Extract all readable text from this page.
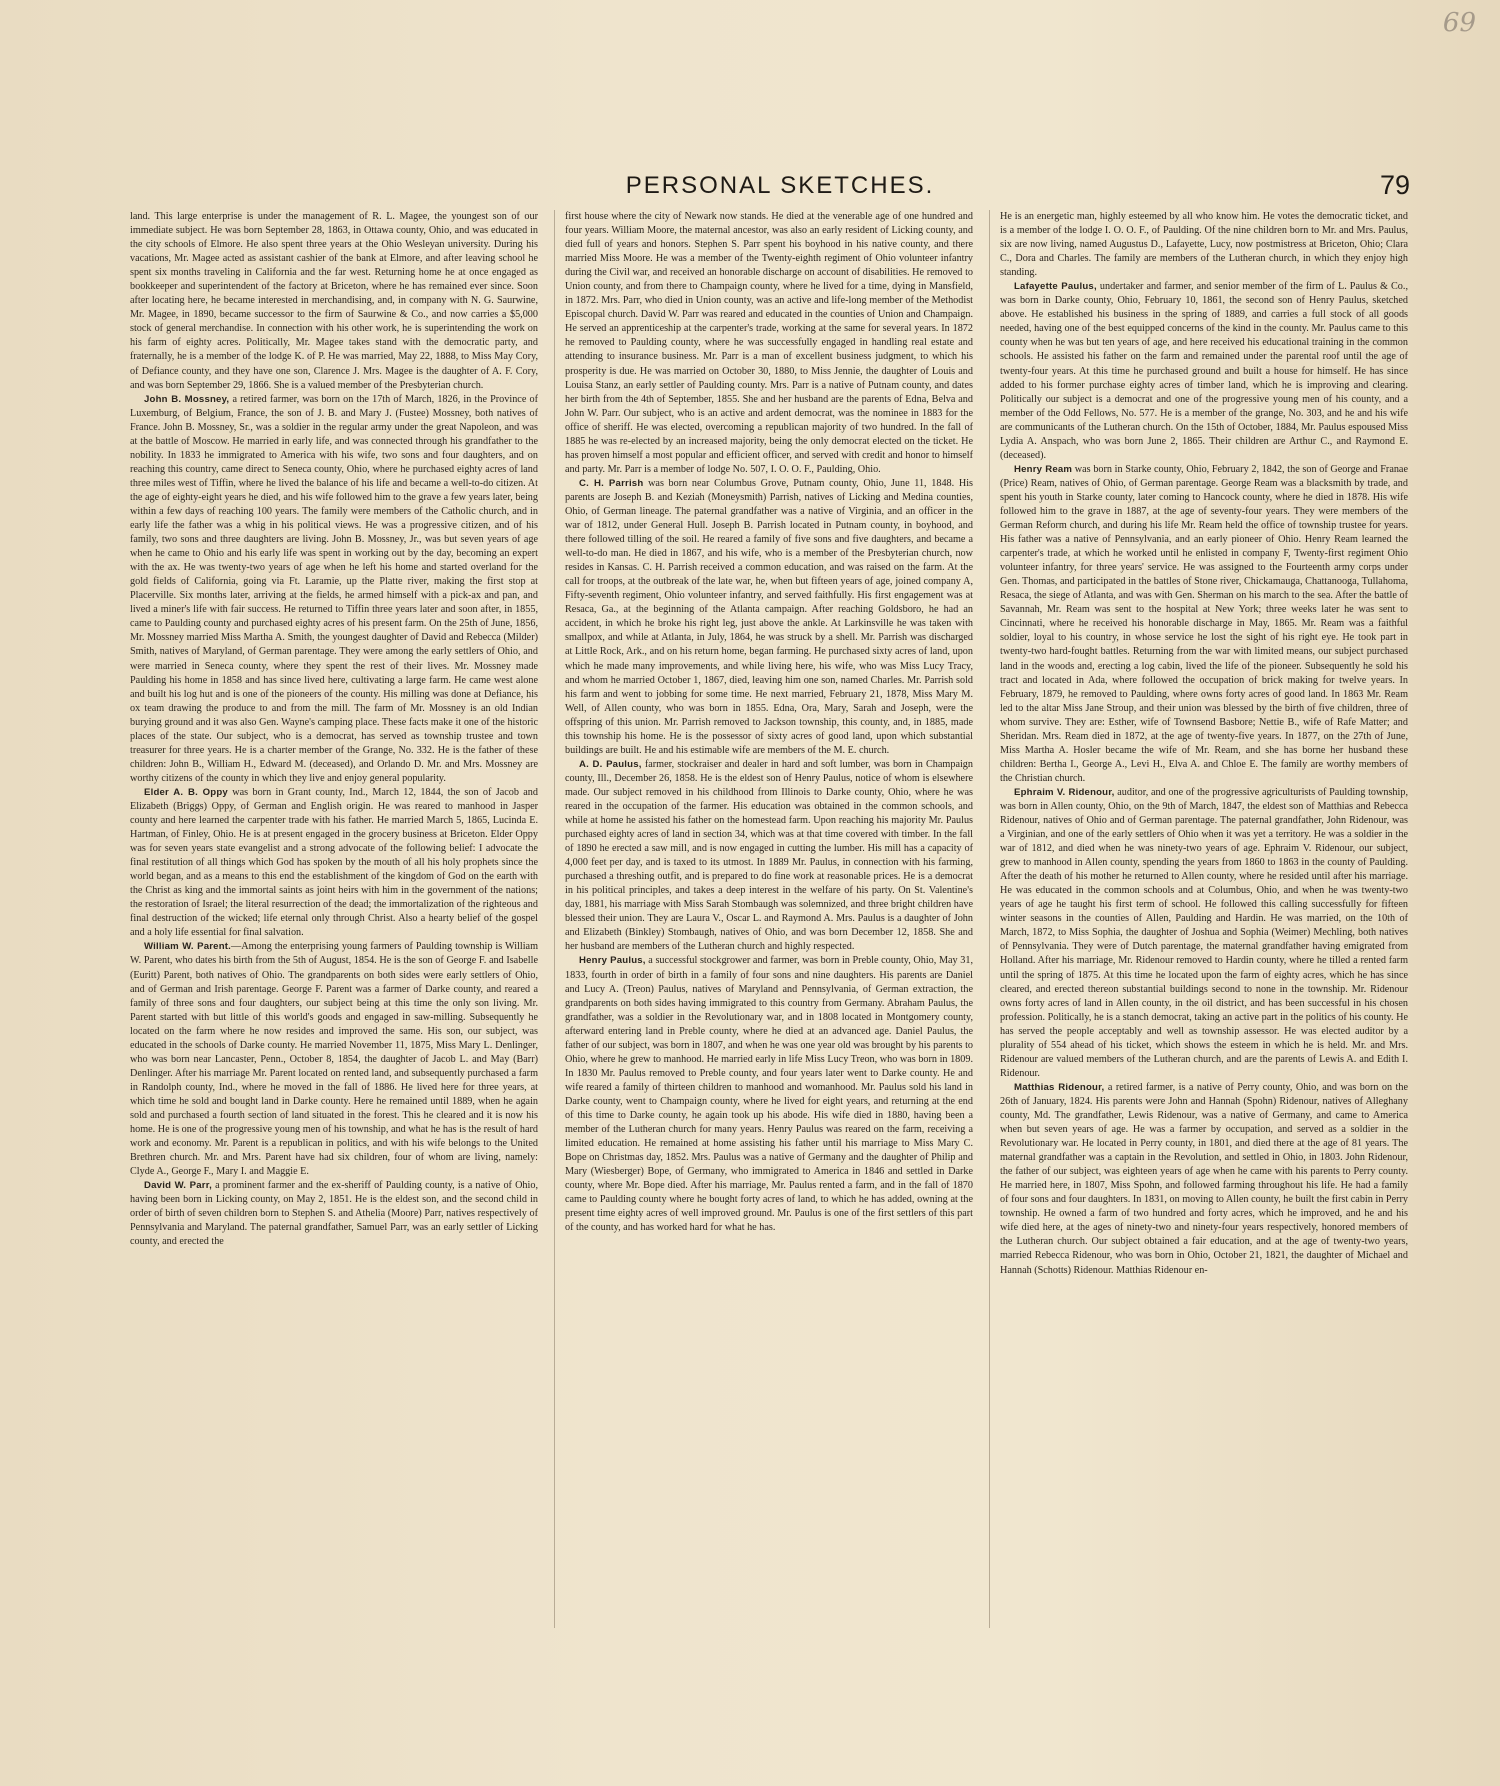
69
PERSONAL SKETCHES.	79

land. This large enterprise is under the management of R. L. Magee, the youngest son of our immediate subject. He was born September 28, 1863, in Ottawa county, Ohio, and was educated in the city schools of Elmore. He also spent three years at the Ohio Wesleyan university. During his vacations, Mr. Magee acted as assistant cashier of the bank at Elmore, and after leaving school he spent six months traveling in California and the far west. Returning home he at once engaged as bookkeeper and superintendent of the factory at Briceton, where he has remained ever since. Soon after locating here, he became interested in merchandising, and, in company with N. G. Saurwine, Mr. Magee, in 1890, became successor to the firm of Saurwine & Co., and now carries a $5,000 stock of general merchandise. In connection with his other work, he is superintending the work on his farm of eighty acres. Politically, Mr. Magee takes stand with the democratic party, and fraternally, he is a member of the lodge K. of P. He was married, May 22, 1888, to Miss May Cory, of Defiance county, and they have one son, Clarence J. Mrs. Magee is the daughter of A. F. Cory, and was born September 29, 1866. She is a valued member of the Presbyterian church.

John B. Mossney, a retired farmer, was born on the 17th of March, 1826, in the Province of Luxemburg, of Belgium, France, the son of J. B. and Mary J. (Fustee) Mossney, both natives of France. John B. Mossney, Sr., was a soldier in the regular army under the great Napoleon, and was at the battle of Moscow. He married in early life, and was connected through his grandfather to the nobility. In 1833 he immigrated to America with his wife, two sons and four daughters, and on reaching this country, came direct to Seneca county, Ohio, where he purchased eighty acres of land three miles west of Tiffin, where he lived the balance of his life and became a well-to-do citizen. At the age of eighty-eight years he died, and his wife followed him to the grave a few years later, being within a few days of reaching 100 years. The family were members of the Catholic church, and in early life the father was a whig in his political views. He was a progressive citizen, and of his family, two sons and three daughters are living. John B. Mossney, Jr., was but seven years of age when he came to Ohio and his early life was spent in working out by the day, becoming an expert with the ax. He was twenty-two years of age when he left his home and started overland for the gold fields of California, going via Ft. Laramie, up the Platte river, making the first stop at Placerville. Six months later, arriving at the fields, he armed himself with a pick-ax and pan, and lived a miner's life with fair success. He returned to Tiffin three years later and soon after, in 1855, came to Paulding county and purchased eighty acres of his present farm. On the 25th of June, 1856, Mr. Mossney married Miss Martha A. Smith, the youngest daughter of David and Rebecca (Milder) Smith, natives of Maryland, of German parentage. They were among the early settlers of Ohio, and were married in Seneca county, where they spent the rest of their lives. Mr. Mossney made Paulding his home in 1858 and has since lived here, cultivating a large farm. He came west alone and built his log hut and is one of the pioneers of the county. His milling was done at Defiance, his ox team drawing the produce to and from the mill. The farm of Mr. Mossney is an old Indian burying ground and it was also Gen. Wayne's camping place. These facts make it one of the historic places of the state. Our subject, who is a democrat, has served as township trustee and town treasurer for three years. He is a charter member of the Grange, No. 332. He is the father of these children: John B., William H., Edward M. (deceased), and Orlando D. Mr. and Mrs. Mossney are worthy citizens of the county in which they live and enjoy general popularity.

Elder A. B. Oppy was born in Grant county, Ind., March 12, 1844, the son of Jacob and Elizabeth (Briggs) Oppy, of German and English origin. He was reared to manhood in Jasper county and here learned the carpenter trade with his father. He married March 5, 1865, Lucinda E. Hartman, of Finley, Ohio. He is at present engaged in the grocery business at Briceton. Elder Oppy was for seven years state evangelist and a strong advocate of the following belief: I advocate the final restitution of all things which God has spoken by the mouth of all his holy prophets since the world began, and as a means to this end the establishment of the kingdom of God on the earth with the Christ as king and the immortal saints as joint heirs with him in the government of the nations; the restoration of Israel; the literal resurrection of the dead; the immortalization of the righteous and final destruction of the wicked; life eternal only through Christ. Also a hearty belief of the gospel and a holy life essential for final salvation.

William W. Parent.—Among the enterprising young farmers of Paulding township is William W. Parent, who dates his birth from the 5th of August, 1854. He is the son of George F. and Isabelle (Euritt) Parent, both natives of Ohio. The grandparents on both sides were early settlers of Ohio, and of German and Irish parentage. George F. Parent was a farmer of Darke county, and reared a family of three sons and four daughters, our subject being at this time the only son living. Mr. Parent started with but little of this world's goods and engaged in saw-milling. Subsequently he located on the farm where he now resides and improved the same. His son, our subject, was educated in the schools of Darke county. He married November 11, 1875, Miss Mary L. Denlinger, who was born near Lancaster, Penn., October 8, 1854, the daughter of Jacob L. and May (Barr) Denlinger. After his marriage Mr. Parent located on rented land, and subsequently purchased a farm in Randolph county, Ind., where he moved in the fall of 1886. He lived here for three years, at which time he sold and bought land in Darke county. Here he remained until 1889, when he again sold and purchased a fourth section of land situated in the forest. This he cleared and it is now his home. He is one of the progressive young men of his township, and what he has is the result of hard work and economy. Mr. Parent is a republican in politics, and with his wife belongs to the United Brethren church. Mr. and Mrs. Parent have had six children, four of whom are living, namely: Clyde A., George F., Mary I. and Maggie E.

David W. Parr, a prominent farmer and the ex-sheriff of Paulding county, is a native of Ohio, having been born in Licking county, on May 2, 1851. He is the eldest son, and the second child in order of birth of seven children born to Stephen S. and Athelia (Moore) Parr, natives respectively of Pennsylvania and Maryland. The paternal grandfather, Samuel Parr, was an early settler of Licking county, and erected the

first house where the city of Newark now stands. He died at the venerable age of one hundred and four years. William Moore, the maternal ancestor, was also an early resident of Licking county, and died full of years and honors. Stephen S. Parr spent his boyhood in his native county, and there married Miss Moore. He was a member of the Twenty-eighth regiment of Ohio volunteer infantry during the Civil war, and received an honorable discharge on account of disabilities. He removed to Union county, and from there to Champaign county, where he lived for a time, dying in Mansfield, in 1872. Mrs. Parr, who died in Union county, was an active and life-long member of the Methodist Episcopal church. David W. Parr was reared and educated in the counties of Union and Champaign. He served an apprenticeship at the carpenter's trade, working at the same for several years. In 1872 he removed to Paulding county, where he was successfully engaged in handling real estate and attending to insurance business. Mr. Parr is a man of excellent business judgment, to which his prosperity is due. He was married on October 30, 1880, to Miss Jennie, the daughter of Louis and Louisa Stanz, an early settler of Paulding county. Mrs. Parr is a native of Putnam county, and dates her birth from the 4th of September, 1855. She and her husband are the parents of Edna, Belva and John W. Parr. Our subject, who is an active and ardent democrat, was the nominee in 1883 for the office of sheriff. He was elected, overcoming a republican majority of two hundred. In the fall of 1885 he was re-elected by an increased majority, being the only democrat elected on the ticket. He has proven himself a most popular and efficient officer, and served with credit and honor to himself and party. Mr. Parr is a member of lodge No. 507, I. O. O. F., Paulding, Ohio.

C. H. Parrish was born near Columbus Grove, Putnam county, Ohio, June 11, 1848. His parents are Joseph B. and Keziah (Moneysmith) Parrish, natives of Licking and Medina counties, Ohio, of German lineage. The paternal grandfather was a native of Virginia, and an officer in the war of 1812, under General Hull. Joseph B. Parrish located in Putnam county, in boyhood, and there followed tilling of the soil. He reared a family of five sons and five daughters, and became a well-to-do man. He died in 1867, and his wife, who is a member of the Presbyterian church, now resides in Kansas. C. H. Parrish received a common education, and was raised on the farm. At the call for troops, at the outbreak of the late war, he, when but fifteen years of age, joined company A, Fifty-seventh regiment, Ohio volunteer infantry, and served faithfully. His first engagement was at Resaca, Ga., at the beginning of the Atlanta campaign. After reaching Goldsboro, he had an accident, in which he broke his right leg, just above the ankle. At Larkinsville he was taken with smallpox, and while at Atlanta, in July, 1864, he was struck by a shell. Mr. Parrish was discharged at Little Rock, Ark., and on his return home, began farming. He purchased sixty acres of land, upon which he made many improvements, and while living here, his wife, who was Miss Lucy Tracy, and whom he married October 1, 1867, died, leaving him one son, named Charles. Mr. Parrish sold his farm and went to jobbing for some time. He next married, February 21, 1878, Miss Mary M. Well, of Allen county, who was born in 1855. Edna, Ora, Mary, Sarah and Joseph, were the offspring of this union. Mr. Parrish removed to Jackson township, this county, and, in 1885, made this township his home. He is the possessor of sixty acres of good land, upon which substantial buildings are built. He and his estimable wife are members of the M. E. church.

A. D. Paulus, farmer, stockraiser and dealer in hard and soft lumber, was born in Champaign county, Ill., December 26, 1858. He is the eldest son of Henry Paulus, notice of whom is elsewhere made. Our subject removed in his childhood from Illinois to Darke county, Ohio, where he was reared in the occupation of the farmer. His education was obtained in the common schools, and while at home he assisted his father on the homestead farm. Upon reaching his majority Mr. Paulus purchased eighty acres of land in section 34, which was at that time covered with timber. In the fall of 1890 he erected a saw mill, and is now engaged in cutting the lumber. His mill has a capacity of 4,000 feet per day, and is taxed to its utmost. In 1889 Mr. Paulus, in connection with his farming, purchased a threshing outfit, and is prepared to do fine work at reasonable prices. He is a democrat in his political principles, and takes a deep interest in the welfare of his party. On St. Valentine's day, 1881, his marriage with Miss Sarah Stombaugh was solemnized, and three bright children have blessed their union. They are Laura V., Oscar L. and Raymond A. Mrs. Paulus is a daughter of John and Elizabeth (Binkley) Stombaugh, natives of Ohio, and was born December 12, 1858. She and her husband are members of the Lutheran church and highly respected.

Henry Paulus, a successful stockgrower and farmer, was born in Preble county, Ohio, May 31, 1833, fourth in order of birth in a family of four sons and nine daughters. His parents are Daniel and Lucy A. (Treon) Paulus, natives of Maryland and Pennsylvania, of German extraction, the grandparents on both sides having immigrated to this country from Germany. Abraham Paulus, the grandfather, was a soldier in the Revolutionary war, and in 1808 located in Montgomery county, afterward entering land in Preble county, where he died at an advanced age. Daniel Paulus, the father of our subject, was born in 1807, and when he was one year old was brought by his parents to Ohio, where he grew to manhood. He married early in life Miss Lucy Treon, who was born in 1809. In 1830 Mr. Paulus removed to Preble county, and four years later went to Darke county. He and wife reared a family of thirteen children to manhood and womanhood. Mr. Paulus sold his land in Darke county, went to Champaign county, where he lived for eight years, and returning at the end of this time to Darke county, he again took up his abode. His wife died in 1880, having been a member of the Lutheran church for many years. Henry Paulus was reared on the farm, receiving a limited education. He remained at home assisting his father until his marriage to Miss Mary C. Bope on Christmas day, 1852. Mrs. Paulus was a native of Germany and the daughter of Philip and Mary (Wiesberger) Bope, of Germany, who immigrated to America in 1846 and settled in Darke county, where Mr. Bope died. After his marriage, Mr. Paulus rented a farm, and in the fall of 1870 came to Paulding county where he bought forty acres of land, to which he has added, owning at the present time eighty acres of well improved ground. Mr. Paulus is one of the first settlers of this part of the county, and has worked hard for what he has.

He is an energetic man, highly esteemed by all who know him. He votes the democratic ticket, and is a member of the lodge I. O. O. F., of Paulding. Of the nine children born to Mr. and Mrs. Paulus, six are now living, named Augustus D., Lafayette, Lucy, now postmistress at Briceton, Ohio; Clara C., Dora and Charles. The family are members of the Lutheran church, in which they enjoy high standing.

Lafayette Paulus, undertaker and farmer, and senior member of the firm of L. Paulus & Co., was born in Darke county, Ohio, February 10, 1861, the second son of Henry Paulus, sketched above. He established his business in the spring of 1889, and carries a full stock of all goods needed, having one of the best equipped concerns of the kind in the county. Mr. Paulus came to this county when he was but ten years of age, and here received his educational training in the common schools. He assisted his father on the farm and remained under the parental roof until the age of twenty-four years. At this time he purchased ground and built a house for himself. He has since added to his former purchase eighty acres of timber land, which he is improving and clearing. Politically our subject is a democrat and one of the progressive young men of his county, and a member of the Odd Fellows, No. 577. He is a member of the grange, No. 303, and he and his wife are communicants of the Lutheran church. On the 15th of October, 1884, Mr. Paulus espoused Miss Lydia A. Anspach, who was born June 2, 1865. Their children are Arthur C., and Raymond E. (deceased).

Henry Ream was born in Starke county, Ohio, February 2, 1842, the son of George and Franae (Price) Ream, natives of Ohio, of German parentage. George Ream was a blacksmith by trade, and spent his youth in Starke county, later coming to Hancock county, where he died in 1878. His wife followed him to the grave in 1887, at the age of seventy-four years. They were members of the German Reform church, and during his life Mr. Ream held the office of township trustee for years. His father was a native of Pennsylvania, and an early pioneer of Ohio. Henry Ream learned the carpenter's trade, at which he worked until he enlisted in company F, Twenty-first regiment Ohio volunteer infantry, for three years' service. He was assigned to the Fourteenth army corps under Gen. Thomas, and participated in the battles of Stone river, Chickamauga, Chattanooga, Tullahoma, Resaca, the siege of Atlanta, and was with Gen. Sherman on his march to the sea. After the battle of Savannah, Mr. Ream was sent to the hospital at New York; three weeks later he was sent to Cincinnati, where he received his honorable discharge in May, 1865. Mr. Ream was a faithful soldier, loyal to his country, in whose service he lost the sight of his right eye. He took part in twenty-two hard-fought battles. Returning from the war with limited means, our subject purchased land in the woods and, erecting a log cabin, lived the life of the pioneer. Subsequently he sold his tract and located in Ada, where followed the occupation of brick making for twelve years. In February, 1879, he removed to Paulding, where owns forty acres of good land. In 1863 Mr. Ream led to the altar Miss Jane Stroup, and their union was blessed by the birth of five children, three of whom survive. They are: Esther, wife of Townsend Basbore; Nettie B., wife of Rafe Matter; and Sheridan. Mrs. Ream died in 1872, at the age of twenty-five years. In 1877, on the 27th of June, Miss Martha A. Hosler became the wife of Mr. Ream, and she has borne her husband these children: Bertha I., George A., Levi H., Elva A. and Chloe E. The family are worthy members of the Christian church.

Ephraim V. Ridenour, auditor, and one of the progressive agriculturists of Paulding township, was born in Allen county, Ohio, on the 9th of March, 1847, the eldest son of Matthias and Rebecca Ridenour, natives of Ohio and of German parentage. The paternal grandfather, John Ridenour, was a Virginian, and one of the early settlers of Ohio when it was yet a territory. He was a soldier in the war of 1812, and died when he was ninety-two years of age. Ephraim V. Ridenour, our subject, grew to manhood in Allen county, spending the years from 1860 to 1863 in the county of Paulding. After the death of his mother he returned to Allen county, where he resided until after his marriage. He was educated in the common schools and at Columbus, Ohio, and when he was twenty-two years of age he taught his first term of school. He followed this calling successfully for fifteen winter seasons in the counties of Allen, Paulding and Hardin. He was married, on the 10th of March, 1872, to Miss Sophia, the daughter of Joshua and Sophia (Weimer) Mechling, both natives of Pennsylvania. They were of Dutch parentage, the maternal grandfather having emigrated from Holland. After his marriage, Mr. Ridenour removed to Hardin county, where he tilled a rented farm until the spring of 1875. At this time he located upon the farm of eighty acres, which he has since cleared, and erected thereon substantial buildings second to none in the township. Mr. Ridenour owns forty acres of land in Allen county, in the oil district, and has been successful in his chosen profession. Politically, he is a stanch democrat, taking an active part in the politics of his county. He has served the people acceptably and well as township assessor. He was elected auditor by a plurality of 554 ahead of his ticket, which shows the esteem in which he is held. Mr. and Mrs. Ridenour are valued members of the Lutheran church, and are the parents of Lewis A. and Edith I. Ridenour.

Matthias Ridenour, a retired farmer, is a native of Perry county, Ohio, and was born on the 26th of January, 1824. His parents were John and Hannah (Spohn) Ridenour, natives of Alleghany county, Md. The grandfather, Lewis Ridenour, was a native of Germany, and came to America when but seven years of age. He was a farmer by occupation, and served as a soldier in the Revolutionary war. He located in Perry county, in 1801, and died there at the age of 81 years. The maternal grandfather was a captain in the Revolution, and settled in Ohio, in 1803. John Ridenour, the father of our subject, was eighteen years of age when he came with his parents to Perry county. He married here, in 1807, Miss Spohn, and followed farming throughout his life. He had a family of four sons and four daughters. In 1831, on moving to Allen county, he built the first cabin in Perry township. He owned a farm of two hundred and forty acres, which he improved, and he and his wife died here, at the ages of ninety-two and ninety-four years respectively, honored members of the Lutheran church. Our subject obtained a fair education, and at the age of twenty-two years, married Rebecca Ridenour, who was born in Ohio, October 21, 1821, the daughter of Michael and Hannah (Schotts) Ridenour. Matthias Ridenour en-
